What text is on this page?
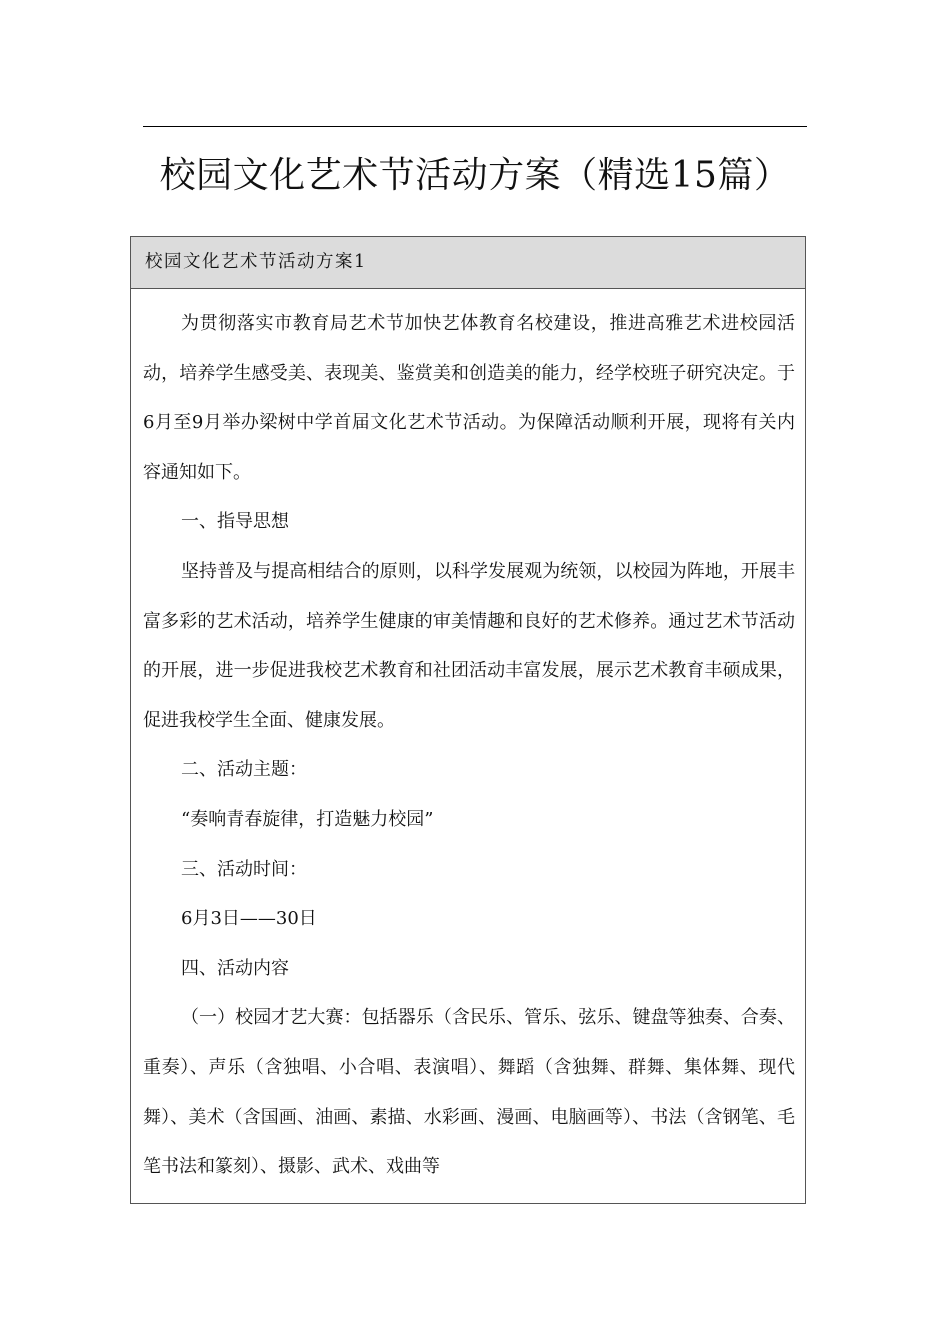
校园文化艺术节活动方案（精选15篇）
校园文化艺术节活动方案1

为贯彻落实市教育局艺术节加快艺体教育名校建设，推进高雅艺术进校园活动，培养学生感受美、表现美、鉴赏美和创造美的能力，经学校班子研究决定。于6月至9月举办梁树中学首届文化艺术节活动。为保障活动顺利开展，现将有关内容通知如下。

一、指导思想

坚持普及与提高相结合的原则，以科学发展观为统领，以校园为阵地，开展丰富多彩的艺术活动，培养学生健康的审美情趣和良好的艺术修养。通过艺术节活动的开展，进一步促进我校艺术教育和社团活动丰富发展，展示艺术教育丰硕成果，促进我校学生全面、健康发展。

二、活动主题：

“奏响青春旋律，打造魅力校园”

三、活动时间：

6月3日——30日

四、活动内容

（一）校园才艺大赛：包括器乐（含民乐、管乐、弦乐、键盘等独奏、合奏、重奏）、声乐（含独唱、小合唱、表演唱）、舞蹈（含独舞、群舞、集体舞、现代舞）、美术（含国画、油画、素描、水彩画、漫画、电脑画等）、书法（含钢笔、毛笔书法和篆刻）、摄影、武术、戏曲等
